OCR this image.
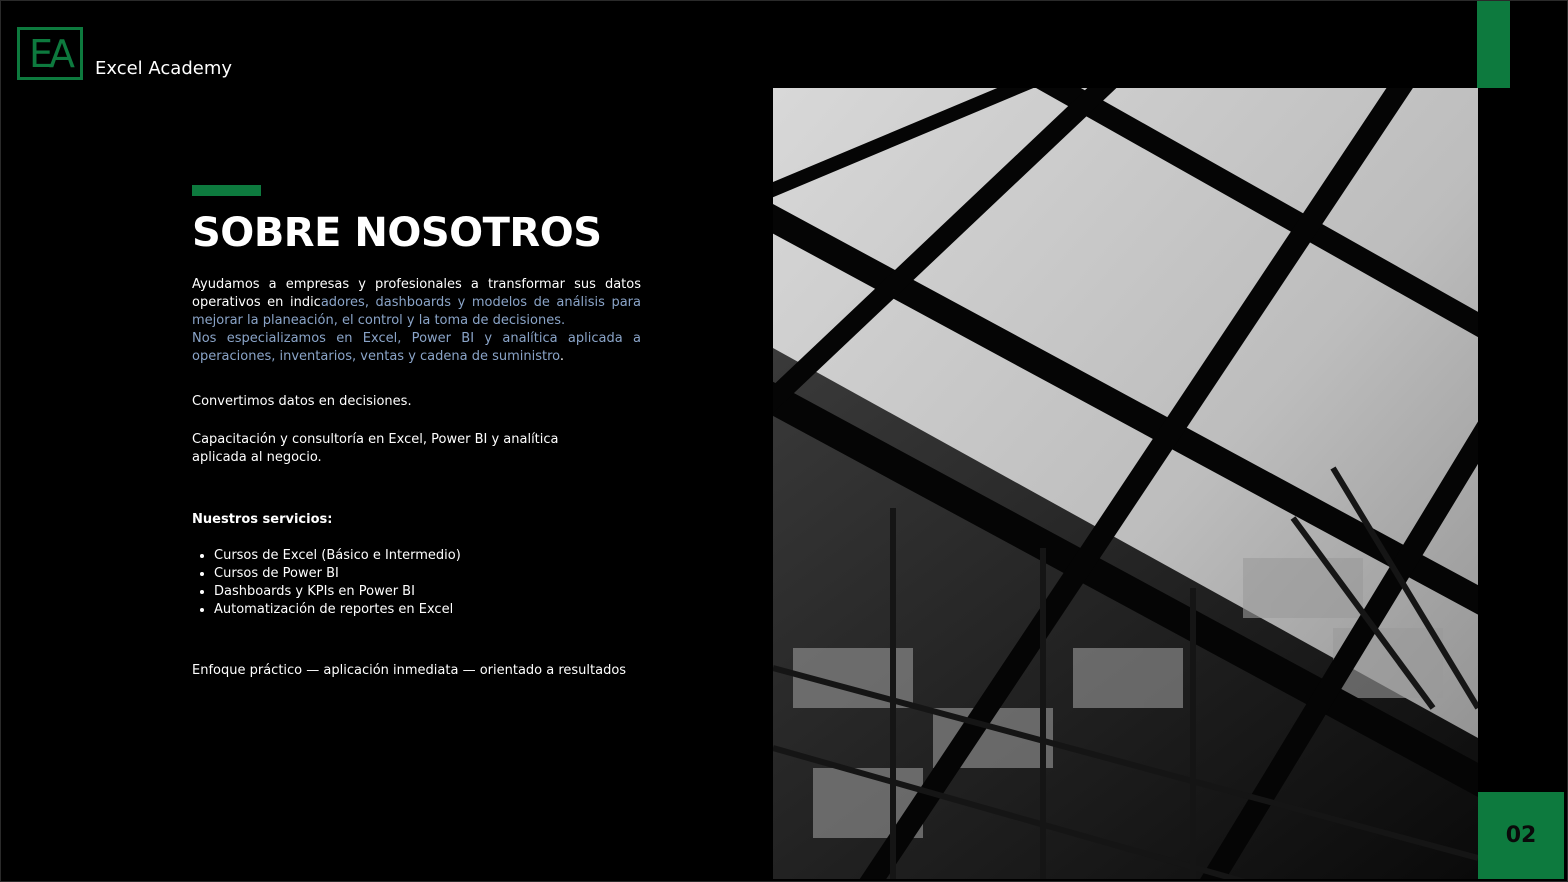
EA Excel Academy
SOBRE NOSOTROS
Ayudamos a empresas y profesionales a transformar sus datos operativos en indicadores, dashboards y modelos de análisis para mejorar la planeación, el control y la toma de decisiones.
Nos especializamos en Excel, Power BI y analítica aplicada a operaciones, inventarios, ventas y cadena de suministro.
Convertimos datos en decisiones.
Capacitación y consultoría en Excel, Power BI y analítica aplicada al negocio.
Nuestros servicios:
• Cursos de Excel (Básico e Intermedio)
• Cursos de Power BI
• Dashboards y KPIs en Power BI
• Automatización de reportes en Excel
Enfoque práctico — aplicación inmediata — orientado a resultados
02
